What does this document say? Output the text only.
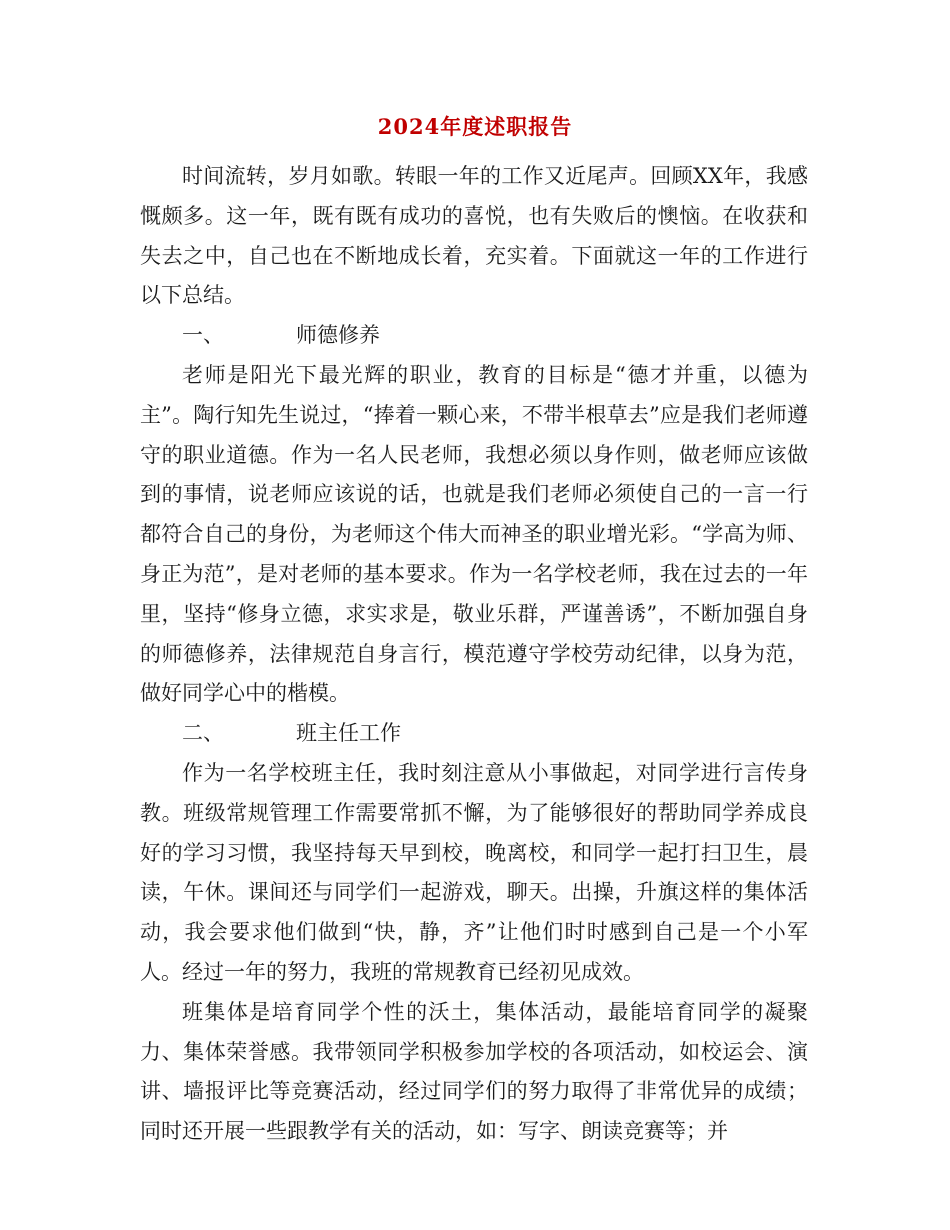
2024年度述职报告

时间流转，岁月如歌。转眼一年的工作又近尾声。回顾XX年，我感慨颇多。这一年，既有既有成功的喜悦，也有失败后的懊恼。在收获和失去之中，自己也在不断地成长着，充实着。下面就这一年的工作进行以下总结。

一、	师德修养

老师是阳光下最光辉的职业，教育的目标是“德才并重，以德为主”。陶行知先生说过，“捧着一颗心来，不带半根草去”应是我们老师遵守的职业道德。作为一名人民老师，我想必须以身作则，做老师应该做到的事情，说老师应该说的话，也就是我们老师必须使自己的一言一行都符合自己的身份，为老师这个伟大而神圣的职业增光彩。“学高为师、身正为范”，是对老师的基本要求。作为一名学校老师，我在过去的一年里，坚持“修身立德，求实求是，敬业乐群，严谨善诱”，不断加强自身的师德修养，法律规范自身言行，模范遵守学校劳动纪律，以身为范，做好同学心中的楷模。

二、	班主任工作

作为一名学校班主任，我时刻注意从小事做起，对同学进行言传身教。班级常规管理工作需要常抓不懈，为了能够很好的帮助同学养成良好的学习习惯，我坚持每天早到校，晚离校，和同学一起打扫卫生，晨读，午休。课间还与同学们一起游戏，聊天。出操，升旗这样的集体活动，我会要求他们做到“快，静，齐”让他们时时感到自己是一个小军人。经过一年的努力，我班的常规教育已经初见成效。

班集体是培育同学个性的沃土，集体活动，最能培育同学的凝聚力、集体荣誉感。我带领同学积极参加学校的各项活动，如校运会、演讲、墙报评比等竞赛活动，经过同学们的努力取得了非常优异的成绩；同时还开展一些跟教学有关的活动，如：写字、朗读竞赛等；并
